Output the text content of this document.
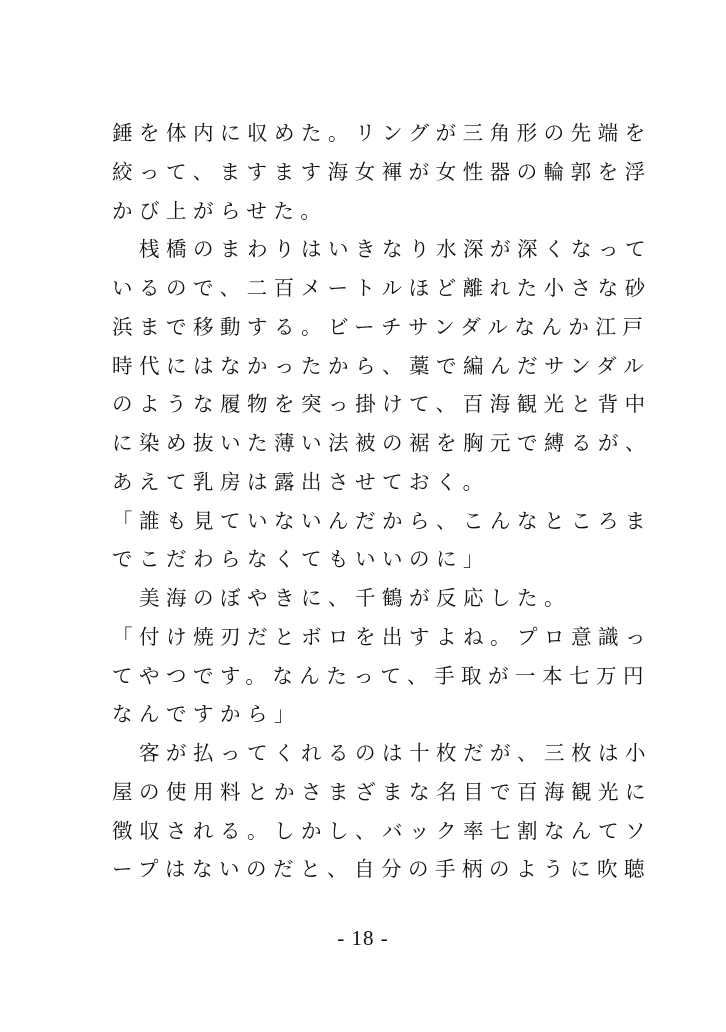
錘を体内に収めた。リングが三角形の先端を
絞って、ますます海女褌が女性器の輪郭を浮
かび上がらせた。
　桟橋のまわりはいきなり水深が深くなって
いるので、二百メートルほど離れた小さな砂
浜まで移動する。ビーチサンダルなんか江戸
時代にはなかったから、藁で編んだサンダル
のような履物を突っ掛けて、百海観光と背中
に染め抜いた薄い法被の裾を胸元で縛るが、
あえて乳房は露出させておく。
「誰も見ていないんだから、こんなところま
でこだわらなくてもいいのに」
　美海のぼやきに、千鶴が反応した。
「付け焼刃だとボロを出すよね。プロ意識っ
てやつです。なんたって、手取が一本七万円
なんですから」
　客が払ってくれるのは十枚だが、三枚は小
屋の使用料とかさまざまな名目で百海観光に
徴収される。しかし、バック率七割なんてソ
ープはないのだと、自分の手柄のように吹聴
- 18 -
